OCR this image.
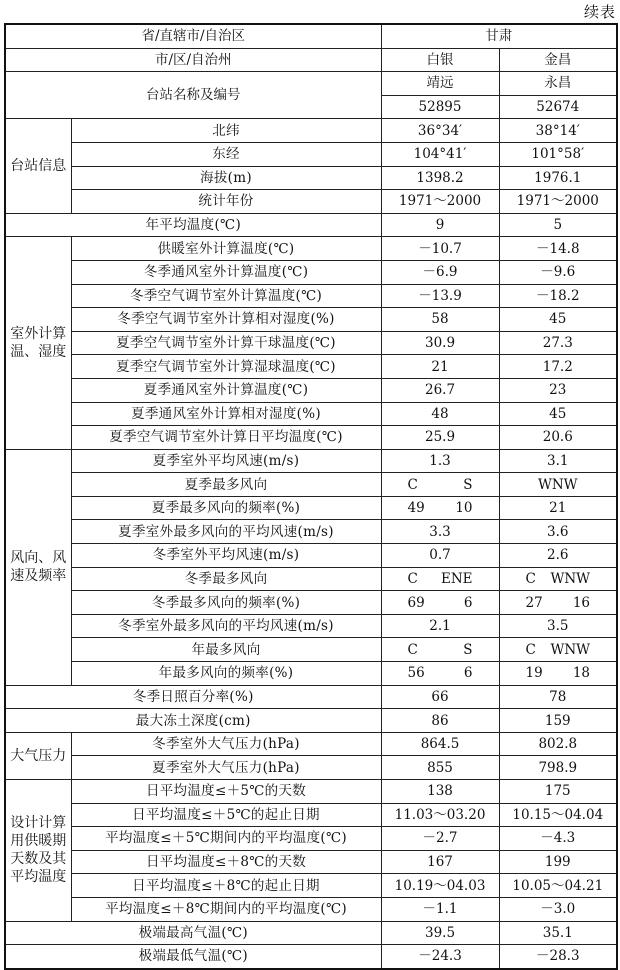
续表
省/直辖市/自治区		甘肃	
市/区/自治州		白银	金昌
台站名称及编号		靖远	永昌
		52895	52674
台站信息	北纬	36°34′	38°14′
	东经	104°41′	101°58′
	海拔(m)	1398.2	1976.1
	统计年份	1971～2000	1971～2000
年平均温度(℃)		9	5
室外计算温、湿度	供暖室外计算温度(℃)	－10.7	－14.8
	冬季通风室外计算温度(℃)	－6.9	－9.6
	冬季空气调节室外计算温度(℃)	－13.9	－18.2
	冬季空气调节室外计算相对湿度(%)	58	45
	夏季空气调节室外计算干球温度(℃)	30.9	27.3
	夏季空气调节室外计算湿球温度(℃)	21	17.2
	夏季通风室外计算温度(℃)	26.7	23
	夏季通风室外计算相对湿度(%)	48	45
	夏季空气调节室外计算日平均温度(℃)	25.9	20.6
风向、风速及频率	夏季室外平均风速(m/s)	1.3	3.1
	夏季最多风向	C S	WNW
	夏季最多风向的频率(%)	49 10	21
	夏季室外最多风向的平均风速(m/s)	3.3	3.6
	冬季室外平均风速(m/s)	0.7	2.6
	冬季最多风向	C ENE	C WNW

	冬季最多风向的频率(%)	69 6	27 16

	冬季室外最多风向的平均风速(m/s)	2.1	3.5
	年最多风向	C S	C WNW

	年最多风向的频率(%)	56 6	19 18

冬季日照百分率(%)		66	78
最大冻土深度(cm)		86	159
大气压力	冬季室外大气压力(hPa)	864.5	802.8
	夏季室外大气压力(hPa)	855	798.9
设计计算用供暖期天数及其平均温度	日平均温度≤＋5℃的天数	138	175
	日平均温度≤＋5℃的起止日期	11.03～03.20	10.15～04.04
	平均温度≤＋5℃期间内的平均温度(℃)	－2.7	－4.3
	日平均温度≤＋8℃的天数	167	199
	日平均温度≤＋8℃的起止日期	10.19～04.03	10.05～04.21
	平均温度≤＋8℃期间内的平均温度(℃)	－1.1	－3.0
极端最高气温(℃)		39.5	35.1
极端最低气温(℃)		－24.3	－28.3
